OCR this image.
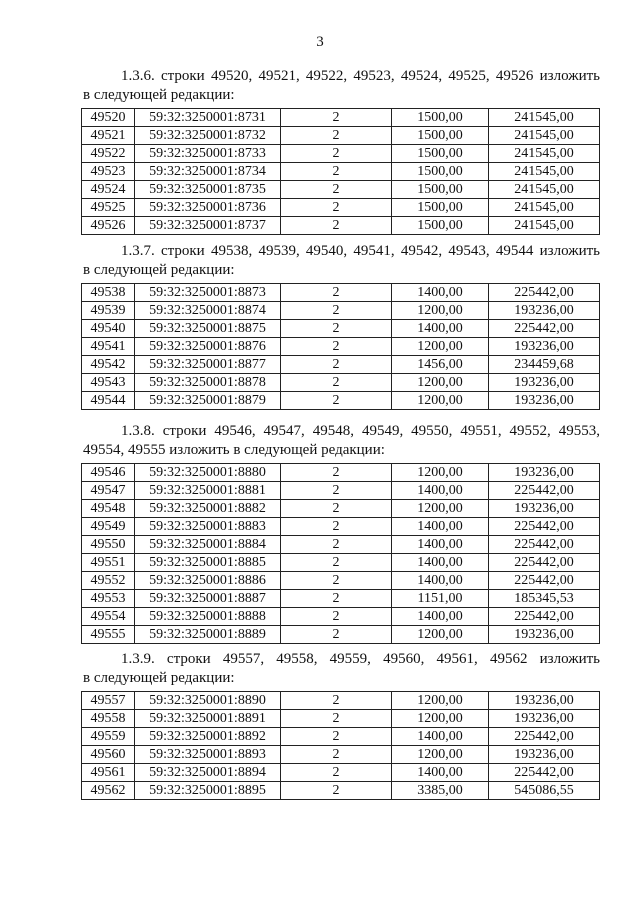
3

1.3.6. строки 49520, 49521, 49522, 49523, 49524, 49525, 49526 изложить
в следующей редакции:

49520	59:32:3250001:8731	2	1500,00	241545,00
49521	59:32:3250001:8732	2	1500,00	241545,00
49522	59:32:3250001:8733	2	1500,00	241545,00
49523	59:32:3250001:8734	2	1500,00	241545,00
49524	59:32:3250001:8735	2	1500,00	241545,00
49525	59:32:3250001:8736	2	1500,00	241545,00
49526	59:32:3250001:8737	2	1500,00	241545,00

1.3.7. строки 49538, 49539, 49540, 49541, 49542, 49543, 49544 изложить
в следующей редакции:

49538	59:32:3250001:8873	2	1400,00	225442,00
49539	59:32:3250001:8874	2	1200,00	193236,00
49540	59:32:3250001:8875	2	1400,00	225442,00
49541	59:32:3250001:8876	2	1200,00	193236,00
49542	59:32:3250001:8877	2	1456,00	234459,68
49543	59:32:3250001:8878	2	1200,00	193236,00
49544	59:32:3250001:8879	2	1200,00	193236,00

1.3.8. строки 49546, 49547, 49548, 49549, 49550, 49551, 49552, 49553,
49554, 49555 изложить в следующей редакции:

49546	59:32:3250001:8880	2	1200,00	193236,00
49547	59:32:3250001:8881	2	1400,00	225442,00
49548	59:32:3250001:8882	2	1200,00	193236,00
49549	59:32:3250001:8883	2	1400,00	225442,00
49550	59:32:3250001:8884	2	1400,00	225442,00
49551	59:32:3250001:8885	2	1400,00	225442,00
49552	59:32:3250001:8886	2	1400,00	225442,00
49553	59:32:3250001:8887	2	1151,00	185345,53
49554	59:32:3250001:8888	2	1400,00	225442,00
49555	59:32:3250001:8889	2	1200,00	193236,00

1.3.9. строки 49557, 49558, 49559, 49560, 49561, 49562 изложить
в следующей редакции:

49557	59:32:3250001:8890	2	1200,00	193236,00
49558	59:32:3250001:8891	2	1200,00	193236,00
49559	59:32:3250001:8892	2	1400,00	225442,00
49560	59:32:3250001:8893	2	1200,00	193236,00
49561	59:32:3250001:8894	2	1400,00	225442,00
49562	59:32:3250001:8895	2	3385,00	545086,55
